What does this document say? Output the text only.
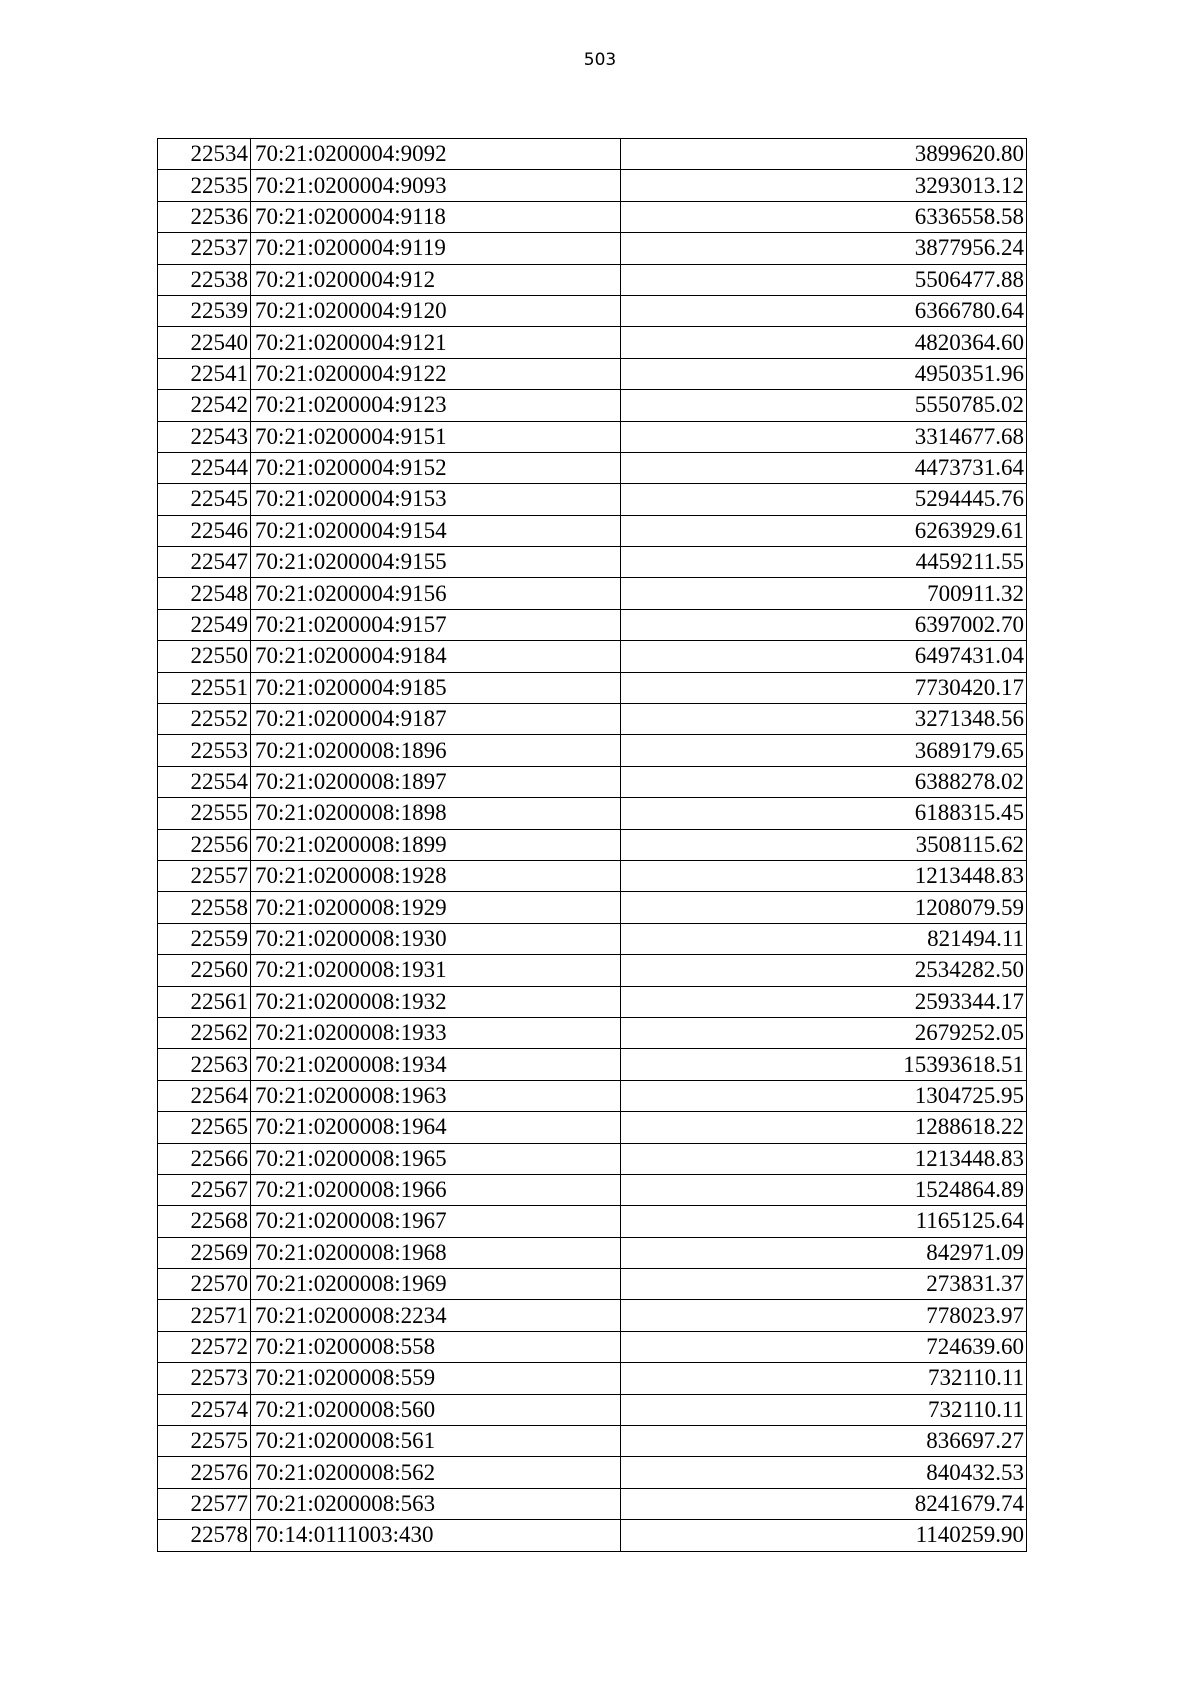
503
22534	70:21:0200004:9092	3899620.80
22535	70:21:0200004:9093	3293013.12
22536	70:21:0200004:9118	6336558.58
22537	70:21:0200004:9119	3877956.24
22538	70:21:0200004:912	5506477.88
22539	70:21:0200004:9120	6366780.64
22540	70:21:0200004:9121	4820364.60
22541	70:21:0200004:9122	4950351.96
22542	70:21:0200004:9123	5550785.02
22543	70:21:0200004:9151	3314677.68
22544	70:21:0200004:9152	4473731.64
22545	70:21:0200004:9153	5294445.76
22546	70:21:0200004:9154	6263929.61
22547	70:21:0200004:9155	4459211.55
22548	70:21:0200004:9156	700911.32
22549	70:21:0200004:9157	6397002.70
22550	70:21:0200004:9184	6497431.04
22551	70:21:0200004:9185	7730420.17
22552	70:21:0200004:9187	3271348.56
22553	70:21:0200008:1896	3689179.65
22554	70:21:0200008:1897	6388278.02
22555	70:21:0200008:1898	6188315.45
22556	70:21:0200008:1899	3508115.62
22557	70:21:0200008:1928	1213448.83
22558	70:21:0200008:1929	1208079.59
22559	70:21:0200008:1930	821494.11
22560	70:21:0200008:1931	2534282.50
22561	70:21:0200008:1932	2593344.17
22562	70:21:0200008:1933	2679252.05
22563	70:21:0200008:1934	15393618.51
22564	70:21:0200008:1963	1304725.95
22565	70:21:0200008:1964	1288618.22
22566	70:21:0200008:1965	1213448.83
22567	70:21:0200008:1966	1524864.89
22568	70:21:0200008:1967	1165125.64
22569	70:21:0200008:1968	842971.09
22570	70:21:0200008:1969	273831.37
22571	70:21:0200008:2234	778023.97
22572	70:21:0200008:558	724639.60
22573	70:21:0200008:559	732110.11
22574	70:21:0200008:560	732110.11
22575	70:21:0200008:561	836697.27
22576	70:21:0200008:562	840432.53
22577	70:21:0200008:563	8241679.74
22578	70:14:0111003:430	1140259.90
